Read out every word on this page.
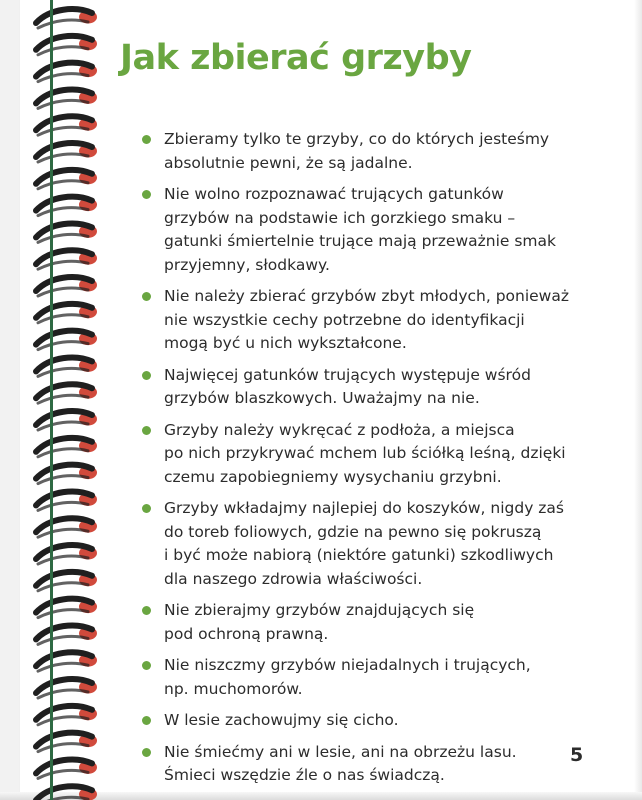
Jak zbierać grzyby
Zbieramy tylko te grzyby, co do których jesteśmy
absolutnie pewni, że są jadalne.
Nie wolno rozpoznawać trujących gatunków
grzybów na podstawie ich gorzkiego smaku –
gatunki śmiertelnie trujące mają przeważnie smak
przyjemny, słodkawy.
Nie należy zbierać grzybów zbyt młodych, ponieważ
nie wszystkie cechy potrzebne do identyfikacji
mogą być u nich wykształcone.
Najwięcej gatunków trujących występuje wśród
grzybów blaszkowych. Uważajmy na nie.
Grzyby należy wykręcać z podłoża, a miejsca
po nich przykrywać mchem lub ściółką leśną, dzięki
czemu zapobiegniemy wysychaniu grzybni.
Grzyby wkładajmy najlepiej do koszyków, nigdy zaś
do toreb foliowych, gdzie na pewno się pokruszą
i być może nabiorą (niektóre gatunki) szkodliwych
dla naszego zdrowia właściwości.
Nie zbierajmy grzybów znajdujących się
pod ochroną prawną.
Nie niszczmy grzybów niejadalnych i trujących,
np. muchomorów.
W lesie zachowujmy się cicho.
Nie śmiećmy ani w lesie, ani na obrzeżu lasu.
Śmieci wszędzie źle o nas świadczą.
5
